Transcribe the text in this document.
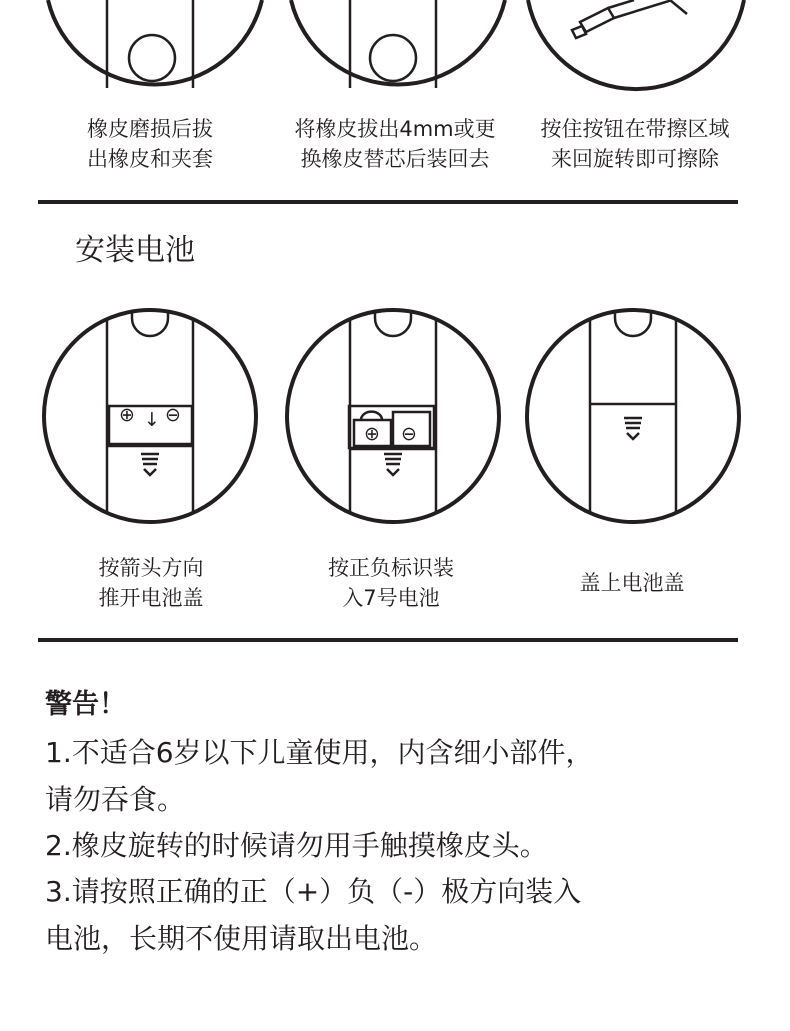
橡皮磨损后拔
出橡皮和夹套
将橡皮拔出4mm或更
换橡皮替芯后装回去
按住按钮在带擦区域
来回旋转即可擦除
安装电池
⊕ ↓ ⊖
⊕ ⊖
按箭头方向
推开电池盖
按正负标识装
入7号电池
盖上电池盖
警告！
1.不适合6岁以下儿童使用，内含细小部件，
请勿吞食。
2.橡皮旋转的时候请勿用手触摸橡皮头。
3.请按照正确的正（+）负（-）极方向装入
电池，长期不使用请取出电池。
